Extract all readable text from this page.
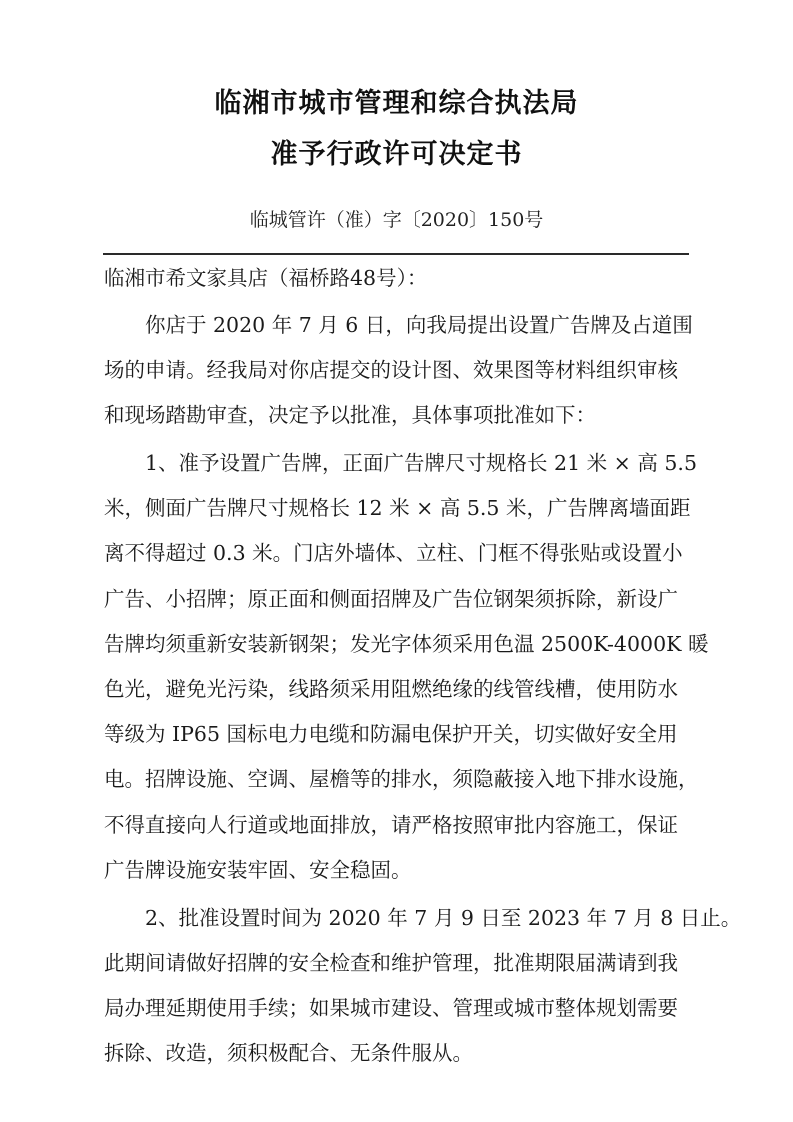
临湘市城市管理和综合执法局

准予行政许可决定书

临城管许（准）字〔2020〕150号

临湘市希文家具店（福桥路48号）：

你店于 2020 年 7 月 6 日，向我局提出设置广告牌及占道围

场的申请。经我局对你店提交的设计图、效果图等材料组织审核

和现场踏勘审查，决定予以批准，具体事项批准如下：

1、准予设置广告牌，正面广告牌尺寸规格长 21 米 × 高 5.5

米，侧面广告牌尺寸规格长 12 米 × 高 5.5 米，广告牌离墙面距

离不得超过 0.3 米。门店外墙体、立柱、门框不得张贴或设置小

广告、小招牌；原正面和侧面招牌及广告位钢架须拆除，新设广

告牌均须重新安装新钢架；发光字体须采用色温 2500K-4000K 暖

色光，避免光污染，线路须采用阻燃绝缘的线管线槽，使用防水

等级为 IP65 国标电力电缆和防漏电保护开关，切实做好安全用

电。招牌设施、空调、屋檐等的排水，须隐蔽接入地下排水设施，

不得直接向人行道或地面排放，请严格按照审批内容施工，保证

广告牌设施安装牢固、安全稳固。

2、批准设置时间为 2020 年 7 月 9 日至 2023 年 7 月 8 日止。

此期间请做好招牌的安全检查和维护管理，批准期限届满请到我

局办理延期使用手续；如果城市建设、管理或城市整体规划需要

拆除、改造，须积极配合、无条件服从。
